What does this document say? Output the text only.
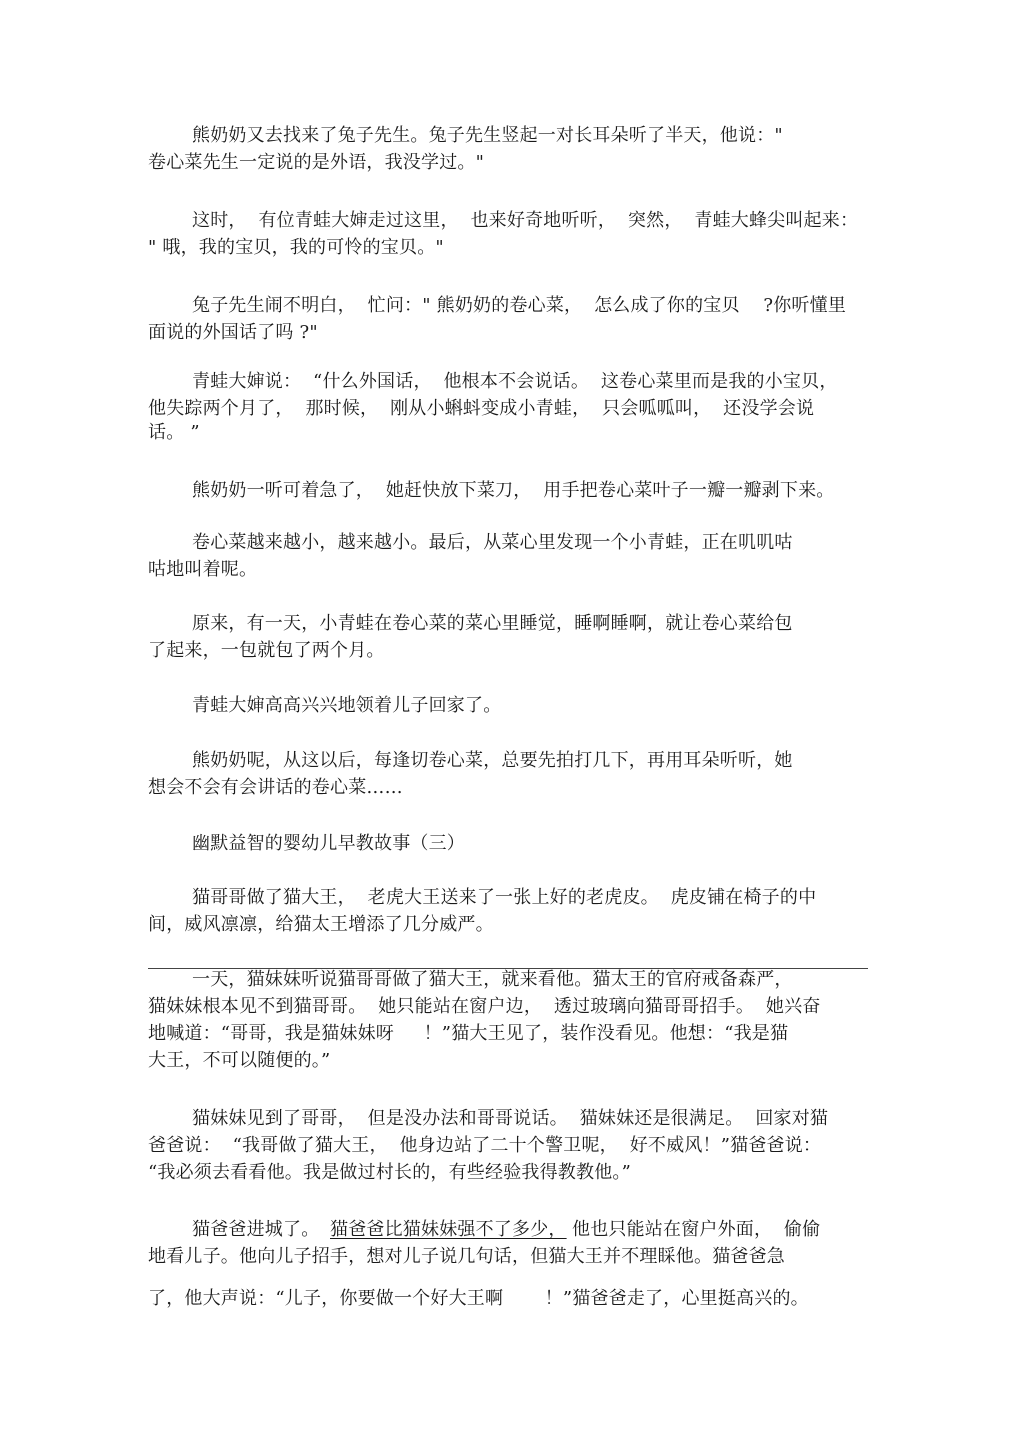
熊奶奶又去找来了兔子先生。兔子先生竖起一对长耳朵听了半天，他说："
卷心菜先生一定说的是外语，我没学过。"
这时，  有位青蛙大婶走过这里，  也来好奇地听听，  突然，  青蛙大蜂尖叫起来：
" 哦，我的宝贝，我的可怜的宝贝。"
兔子先生闹不明白，  忙问：" 熊奶奶的卷心菜，  怎么成了你的宝贝    ?你听懂里
面说的外国话了吗 ?"
青蛙大婶说：  “什么外国话，  他根本不会说话。  这卷心菜里而是我的小宝贝，
他失踪两个月了，  那时候，  刚从小蝌蚪变成小青蛙，  只会呱呱叫，  还没学会说
话。 ”
熊奶奶一听可着急了，  她赶快放下菜刀，  用手把卷心菜叶子一瓣一瓣剥下来。
卷心菜越来越小，越来越小。最后，从菜心里发现一个小青蛙，正在叽叽咕
咕地叫着呢。
原来，有一天，小青蛙在卷心菜的菜心里睡觉，睡啊睡啊，就让卷心菜给包
了起来，一包就包了两个月。
青蛙大婶高高兴兴地领着儿子回家了。
熊奶奶呢，从这以后，每逢切卷心菜，总要先拍打几下，再用耳朵听听，她
想会不会有会讲话的卷心菜……
幽默益智的婴幼儿早教故事（三）
猫哥哥做了猫大王，  老虎大王送来了一张上好的老虎皮。  虎皮铺在椅子的中
间，威风凛凛，给猫太王增添了几分威严。
一天，猫妹妹听说猫哥哥做了猫大王，就来看他。猫太王的官府戒备森严，
猫妹妹根本见不到猫哥哥。  她只能站在窗户边，  透过玻璃向猫哥哥招手。  她兴奋
地喊道：“哥哥，我是猫妹妹呀     ！”猫大王见了，装作没看见。他想：“我是猫
大王，不可以随便的。”
猫妹妹见到了哥哥，  但是没办法和哥哥说话。  猫妹妹还是很满足。  回家对猫
爸爸说：  “我哥做了猫大王，  他身边站了二十个警卫呢，  好不威风！”猫爸爸说：
“我必须去看看他。我是做过村长的，有些经验我得教教他。”
猫爸爸进城了。 猫爸爸比猫妹妹强不了多少， 他也只能站在窗户外面，  偷偷
地看儿子。他向儿子招手，想对儿子说几句话，但猫大王并不理睬他。猫爸爸急
了，他大声说：“儿子，你要做一个好大王啊       ！”猫爸爸走了，心里挺高兴的。
